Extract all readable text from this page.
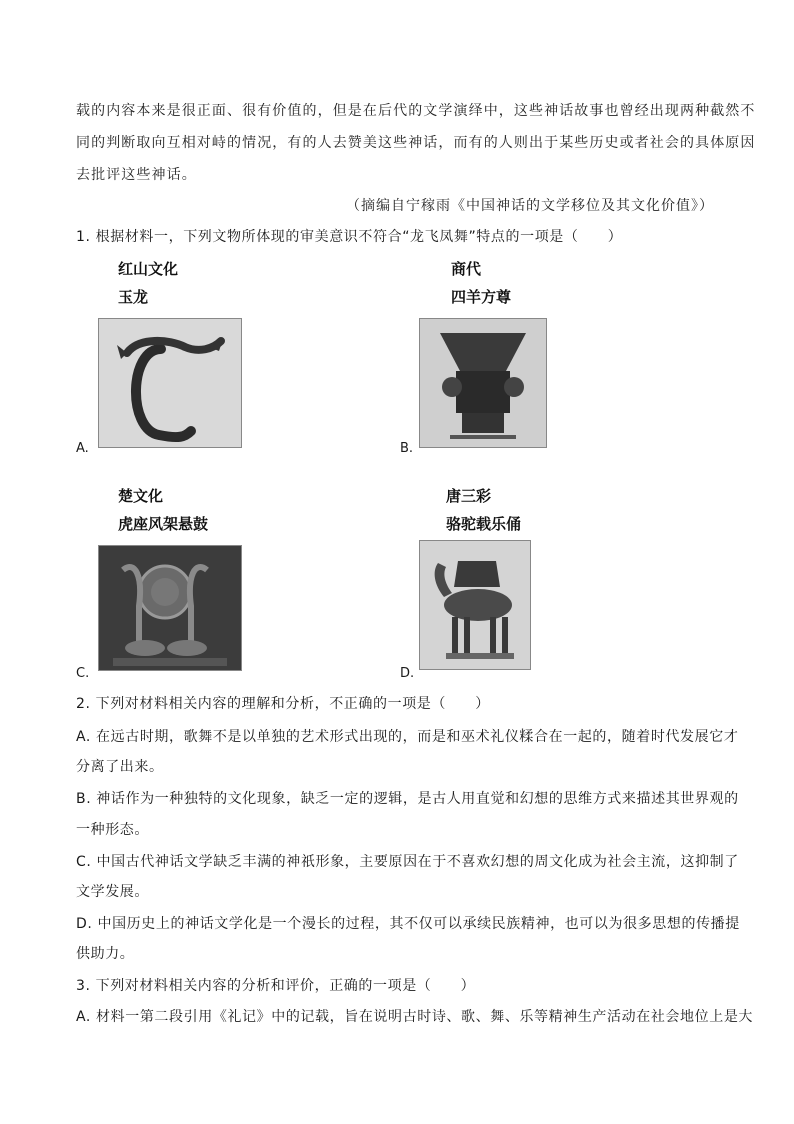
载的内容本来是很正面、很有价值的，但是在后代的文学演绎中，这些神话故事也曾经出现两种截然不
同的判断取向互相对峙的情况，有的人去赞美这些神话，而有的人则出于某些历史或者社会的具体原因
去批评这些神话。
（摘编自宁稼雨《中国神话的文学移位及其文化价值》）
1. 根据材料一，下列文物所体现的审美意识不符合“龙飞凤舞”特点的一项是（　　）
红山文化
玉龙
A.
商代
四羊方尊
B.
楚文化
虎座风架悬鼓
C.
唐三彩
骆驼载乐俑
D.
2. 下列对材料相关内容的理解和分析，不正确的一项是（　　）
A. 在远古时期，歌舞不是以单独的艺术形式出现的，而是和巫术礼仪糅合在一起的，随着时代发展它才
分离了出来。
B. 神话作为一种独特的文化现象，缺乏一定的逻辑，是古人用直觉和幻想的思维方式来描述其世界观的
一种形态。
C. 中国古代神话文学缺乏丰满的神祇形象，主要原因在于不喜欢幻想的周文化成为社会主流，这抑制了
文学发展。
D. 中国历史上的神话文学化是一个漫长的过程，其不仅可以承续民族精神，也可以为很多思想的传播提
供助力。
3. 下列对材料相关内容的分析和评价，正确的一项是（　　）
A. 材料一第二段引用《礼记》中的记载，旨在说明古时诗、歌、舞、乐等精神生产活动在社会地位上是大
